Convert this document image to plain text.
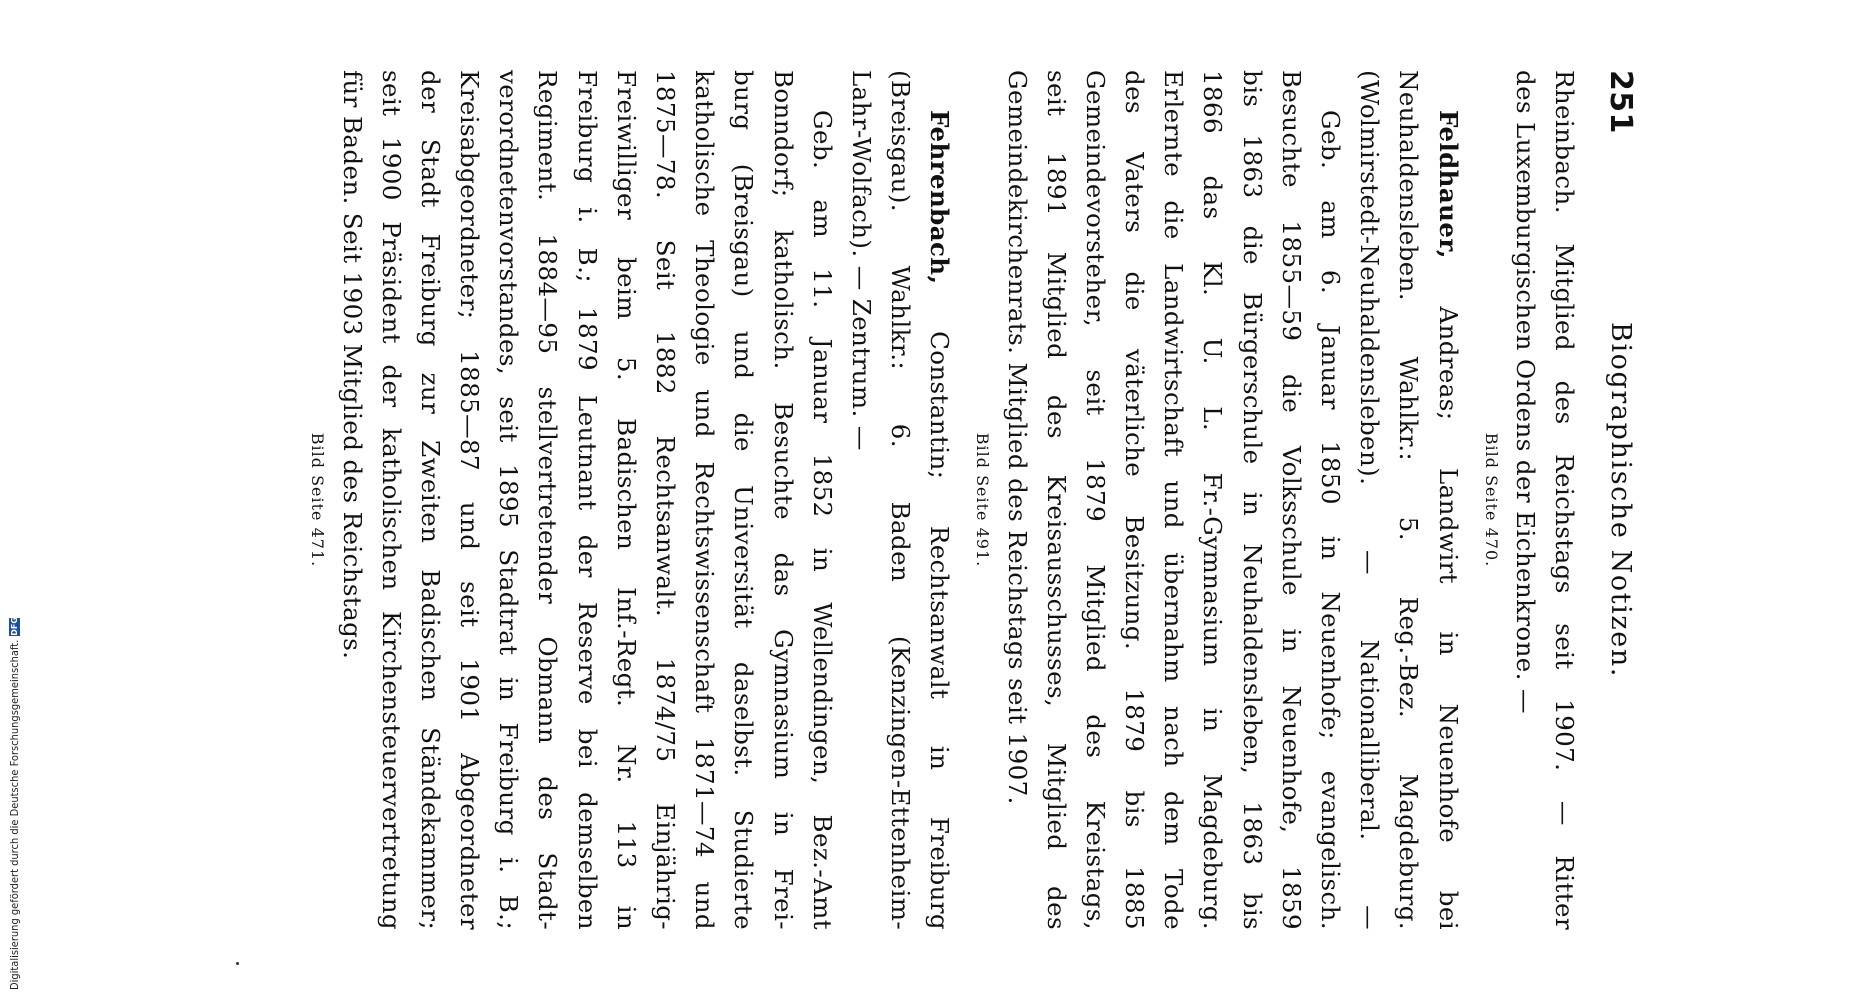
Biographische Notizen.
251
Rheinbach. Mitglied des Reichstags seit 1907. — Ritter
des Luxemburgischen Ordens der Eichenkrone. —
Bild Seite 470.
Feldhauer, Andreas; Landwirt in Neuenhofe bei
Neuhaldensleben. Wahlkr.: 5. Reg.-Bez. Magdeburg.
(Wolmirstedt-Neuhaldensleben). — Nationalliberal. —
Geb. am 6. Januar 1850 in Neuenhofe; evangelisch.
Besuchte 1855—59 die Volksschule in Neuenhofe, 1859
bis 1863 die Bürgerschule in Neuhaldensleben, 1863 bis
1866 das Kl. U. L. Fr.-Gymnasium in Magdeburg.
Erlernte die Landwirtschaft und übernahm nach dem Tode
des Vaters die väterliche Besitzung. 1879 bis 1885
Gemeindevorsteher, seit 1879 Mitglied des Kreistags,
seit 1891 Mitglied des Kreisausschusses, Mitglied des
Gemeindekirchenrats. Mitglied des Reichstags seit 1907.
Bild Seite 491.
Fehrenbach, Constantin; Rechtsanwalt in Freiburg
(Breisgau). Wahlkr.: 6. Baden (Kenzingen-Ettenheim-
Lahr-Wolfach). — Zentrum. —
Geb. am 11. Januar 1852 in Wellendingen, Bez.-Amt
Bonndorf; katholisch. Besuchte das Gymnasium in Frei-
burg (Breisgau) und die Universität daselbst. Studierte
katholische Theologie und Rechtswissenschaft 1871—74 und
1875—78. Seit 1882 Rechtsanwalt. 1874/75 Einjährig-
Freiwilliger beim 5. Badischen Inf.-Regt. Nr. 113 in
Freiburg i. B.; 1879 Leutnant der Reserve bei demselben
Regiment. 1884—95 stellvertretender Obmann des Stadt-
verordnetenvorstandes, seit 1895 Stadtrat in Freiburg i. B.;
Kreisabgeordneter; 1885—87 und seit 1901 Abgeordneter
der Stadt Freiburg zur Zweiten Badischen Ständekammer;
seit 1900 Präsident der katholischen Kirchensteuervertretung
für Baden. Seit 1903 Mitglied des Reichstags.
Bild Seite 471.
Digitalisierung gefördert durch die Deutsche Forschungsgemeinschaft.
DFG
